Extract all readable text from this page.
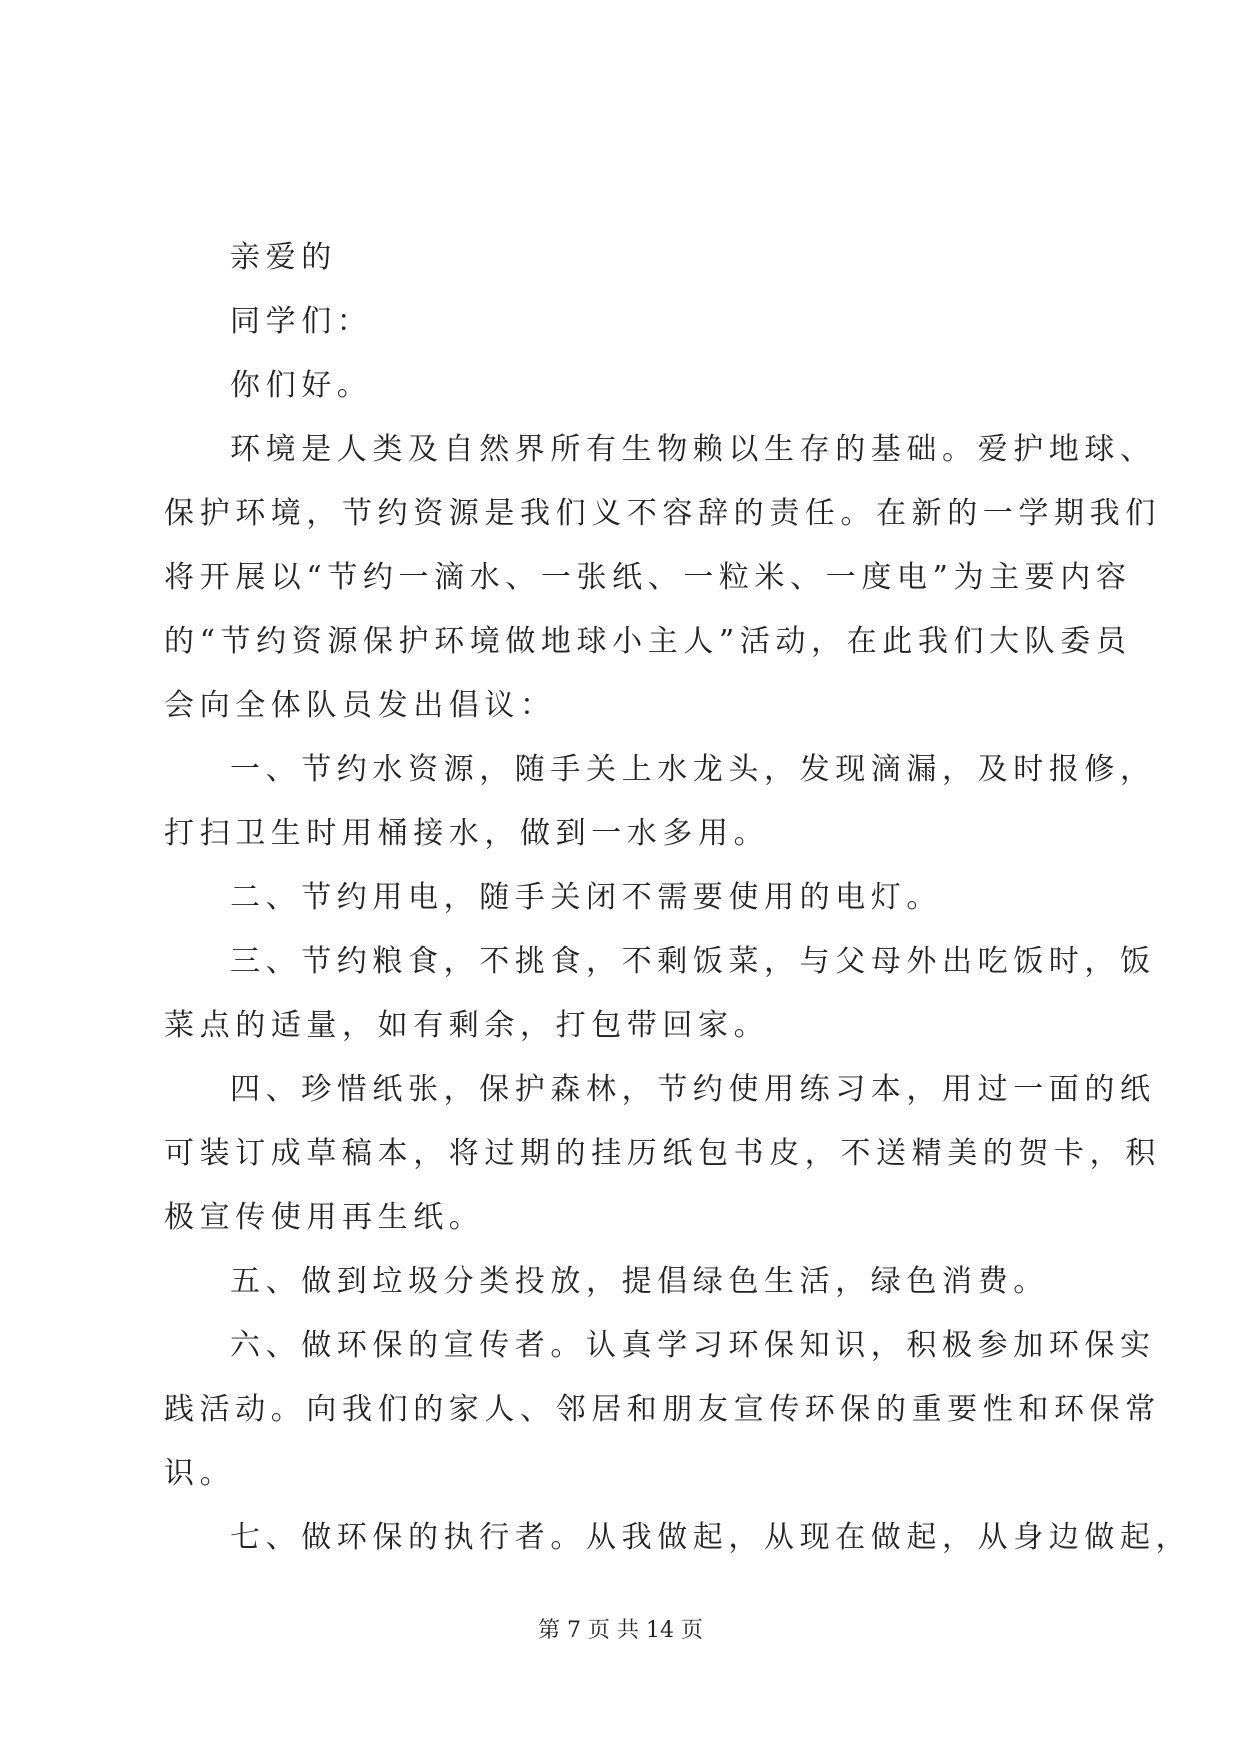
亲爱的
同学们：
你们好。
环境是人类及自然界所有生物赖以生存的基础。爱护地球、
保护环境，节约资源是我们义不容辞的责任。在新的一学期我们
将开展以“节约一滴水、一张纸、一粒米、一度电”为主要内容
的“节约资源保护环境做地球小主人”活动，在此我们大队委员
会向全体队员发出倡议：
一、节约水资源，随手关上水龙头，发现滴漏，及时报修，
打扫卫生时用桶接水，做到一水多用。
二、节约用电，随手关闭不需要使用的电灯。
三、节约粮食，不挑食，不剩饭菜，与父母外出吃饭时，饭
菜点的适量，如有剩余，打包带回家。
四、珍惜纸张，保护森林，节约使用练习本，用过一面的纸
可装订成草稿本，将过期的挂历纸包书皮，不送精美的贺卡，积
极宣传使用再生纸。
五、做到垃圾分类投放，提倡绿色生活，绿色消费。
六、做环保的宣传者。认真学习环保知识，积极参加环保实
践活动。向我们的家人、邻居和朋友宣传环保的重要性和环保常
识。
七、做环保的执行者。从我做起，从现在做起，从身边做起，
第 7 页 共 14 页
